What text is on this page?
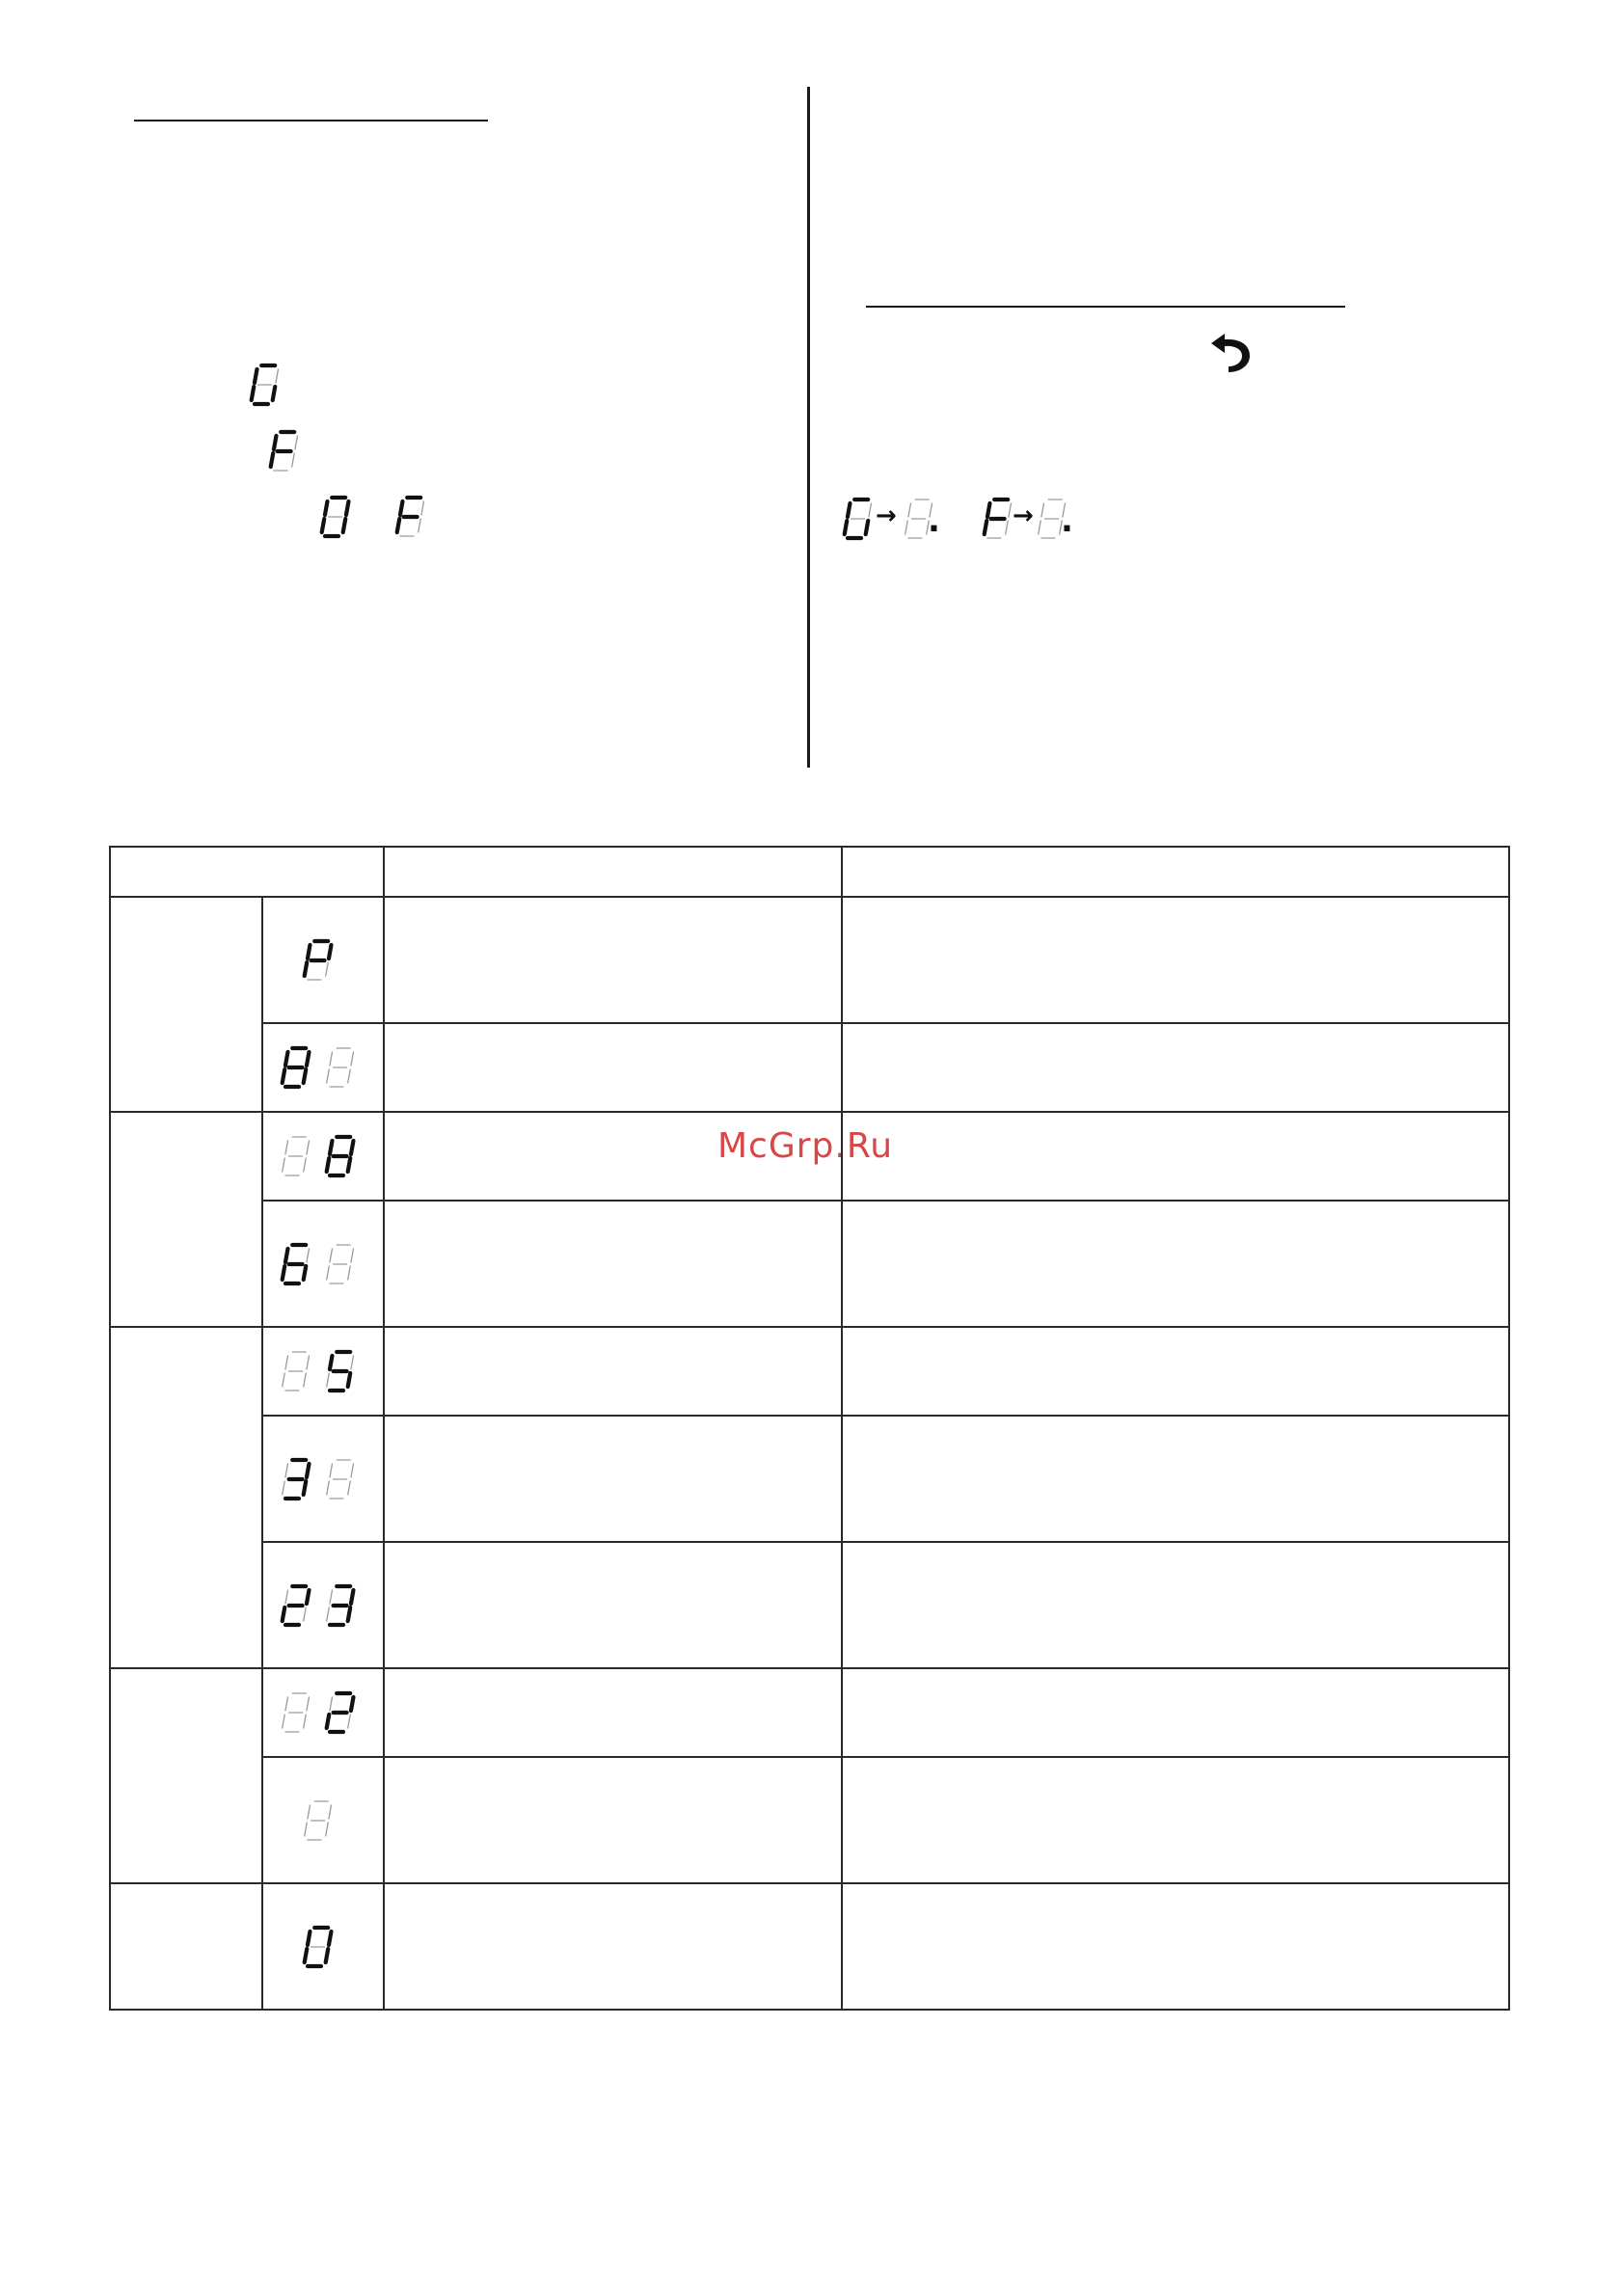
→ .	→ .
McGrp.Ru
